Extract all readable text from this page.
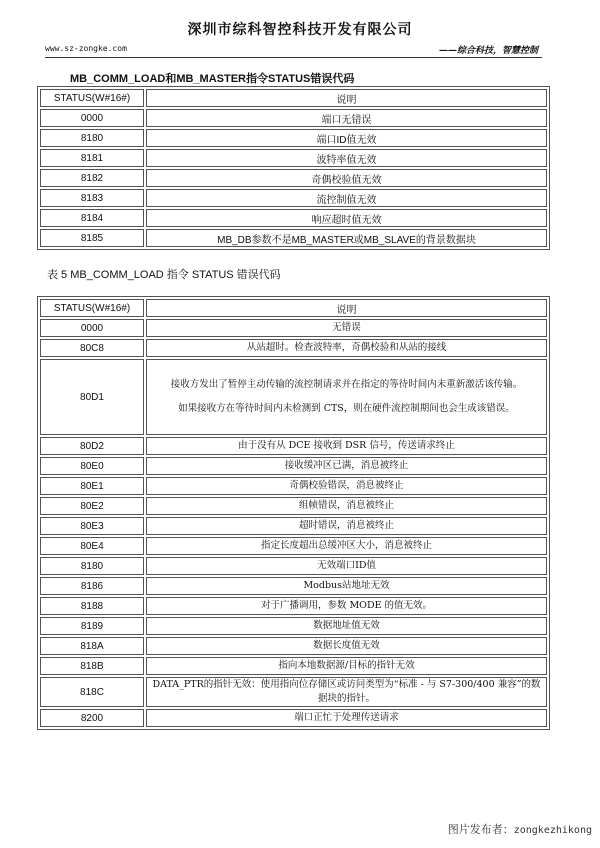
深圳市综科智控科技开发有限公司
www.sz-zongke.com	——综合科技，智慧控制
MB_COMM_LOAD和MB_MASTER指令STATUS错误代码
STATUS(W#16#)	说明
0000	端口无错误
8180	端口ID值无效
8181	波特率值无效
8182	奇偶校验值无效
8183	流控制值无效
8184	响应超时值无效
8185	MB_DB参数不是MB_MASTER或MB_SLAVE的背景数据块
表 5 MB_COMM_LOAD 指令 STATUS 错误代码
STATUS(W#16#)	说明
0000	无错误
80C8	从站超时。检查波特率，奇偶校验和从站的接线
80D1	接收方发出了暂停主动传输的流控制请求并在指定的等待时间内未重新激活该传输。

如果接收方在等待时间内未检测到 CTS，则在硬件流控制期间也会生成该错误。

80D2	由于没有从 DCE 接收到 DSR 信号，传送请求终止
80E0	接收缓冲区已满，消息被终止
80E1	奇偶校验错误，消息被终止
80E2	组帧错误，消息被终止
80E3	超时错误，消息被终止
80E4	指定长度超出总缓冲区大小，消息被终止
8180	无效端口ID值
8186	Modbus站地址无效
8188	对于广播调用，参数 MODE 的值无效。
8189	数据地址值无效
818A	数据长度值无效
818B	指向本地数据源/目标的指针无效
818C	DATA_PTR的指针无效：使用指向位存储区或访问类型为“标准 - 与 S7-300/400 兼容”的数据块的指针。
8200	端口正忙于处理传送请求
图片发布者：zongkezhikong
